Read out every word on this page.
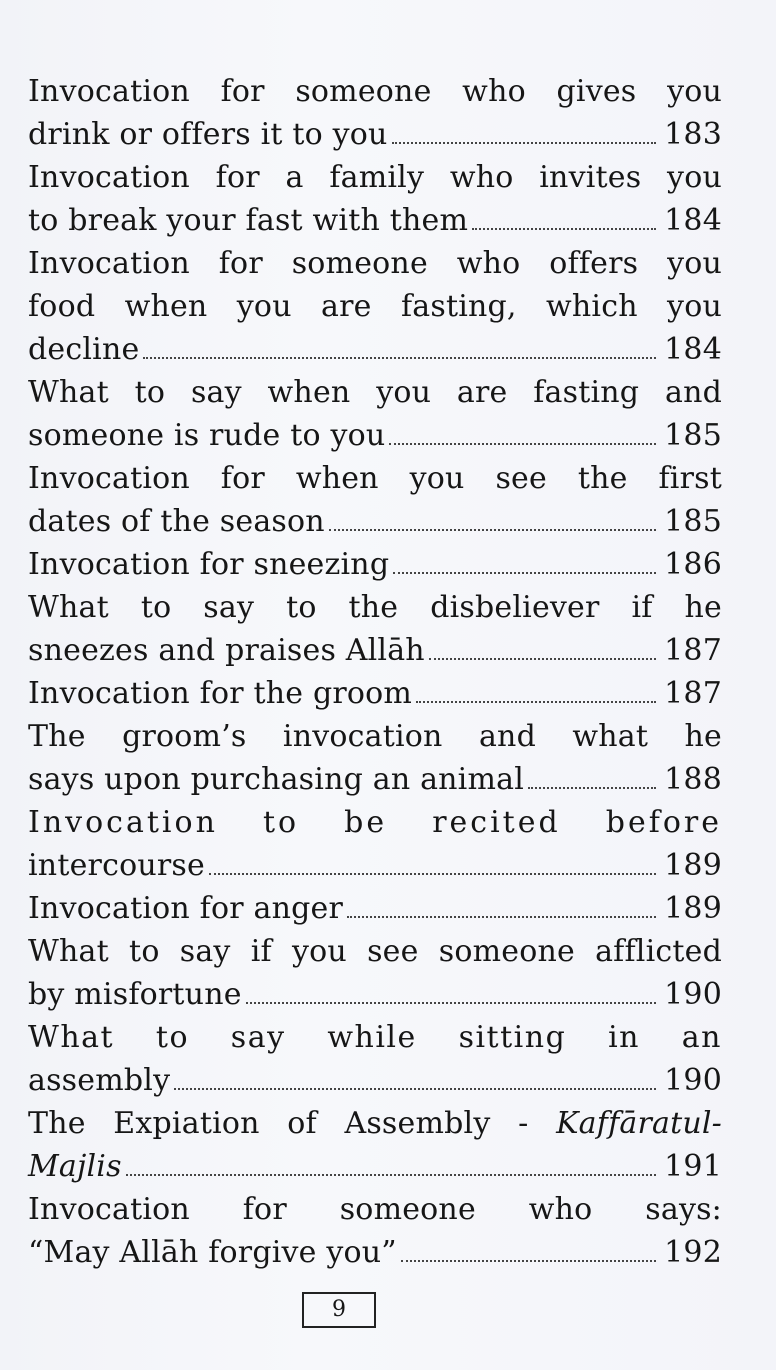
Invocation for someone who gives you
drink or offers it to you	183
Invocation for a family who invites you
to break your fast with them	184
Invocation for someone who offers you
food when you are fasting, which you
decline	184
What to say when you are fasting and
someone is rude to you	185
Invocation for when you see the first
dates of the season	185
Invocation for sneezing	186
What to say to the disbeliever if he
sneezes and praises Allāh	187
Invocation for the groom	187
The groom’s invocation and what he
says upon purchasing an animal	188
Invocation to be recited before
intercourse	189
Invocation for anger	189
What to say if you see someone afflicted
by misfortune	190
What to say while sitting in an
assembly	190
The Expiation of Assembly - Kaffāratul-
Majlis	191
Invocation for someone who says:
“May Allāh forgive you”	192
9
